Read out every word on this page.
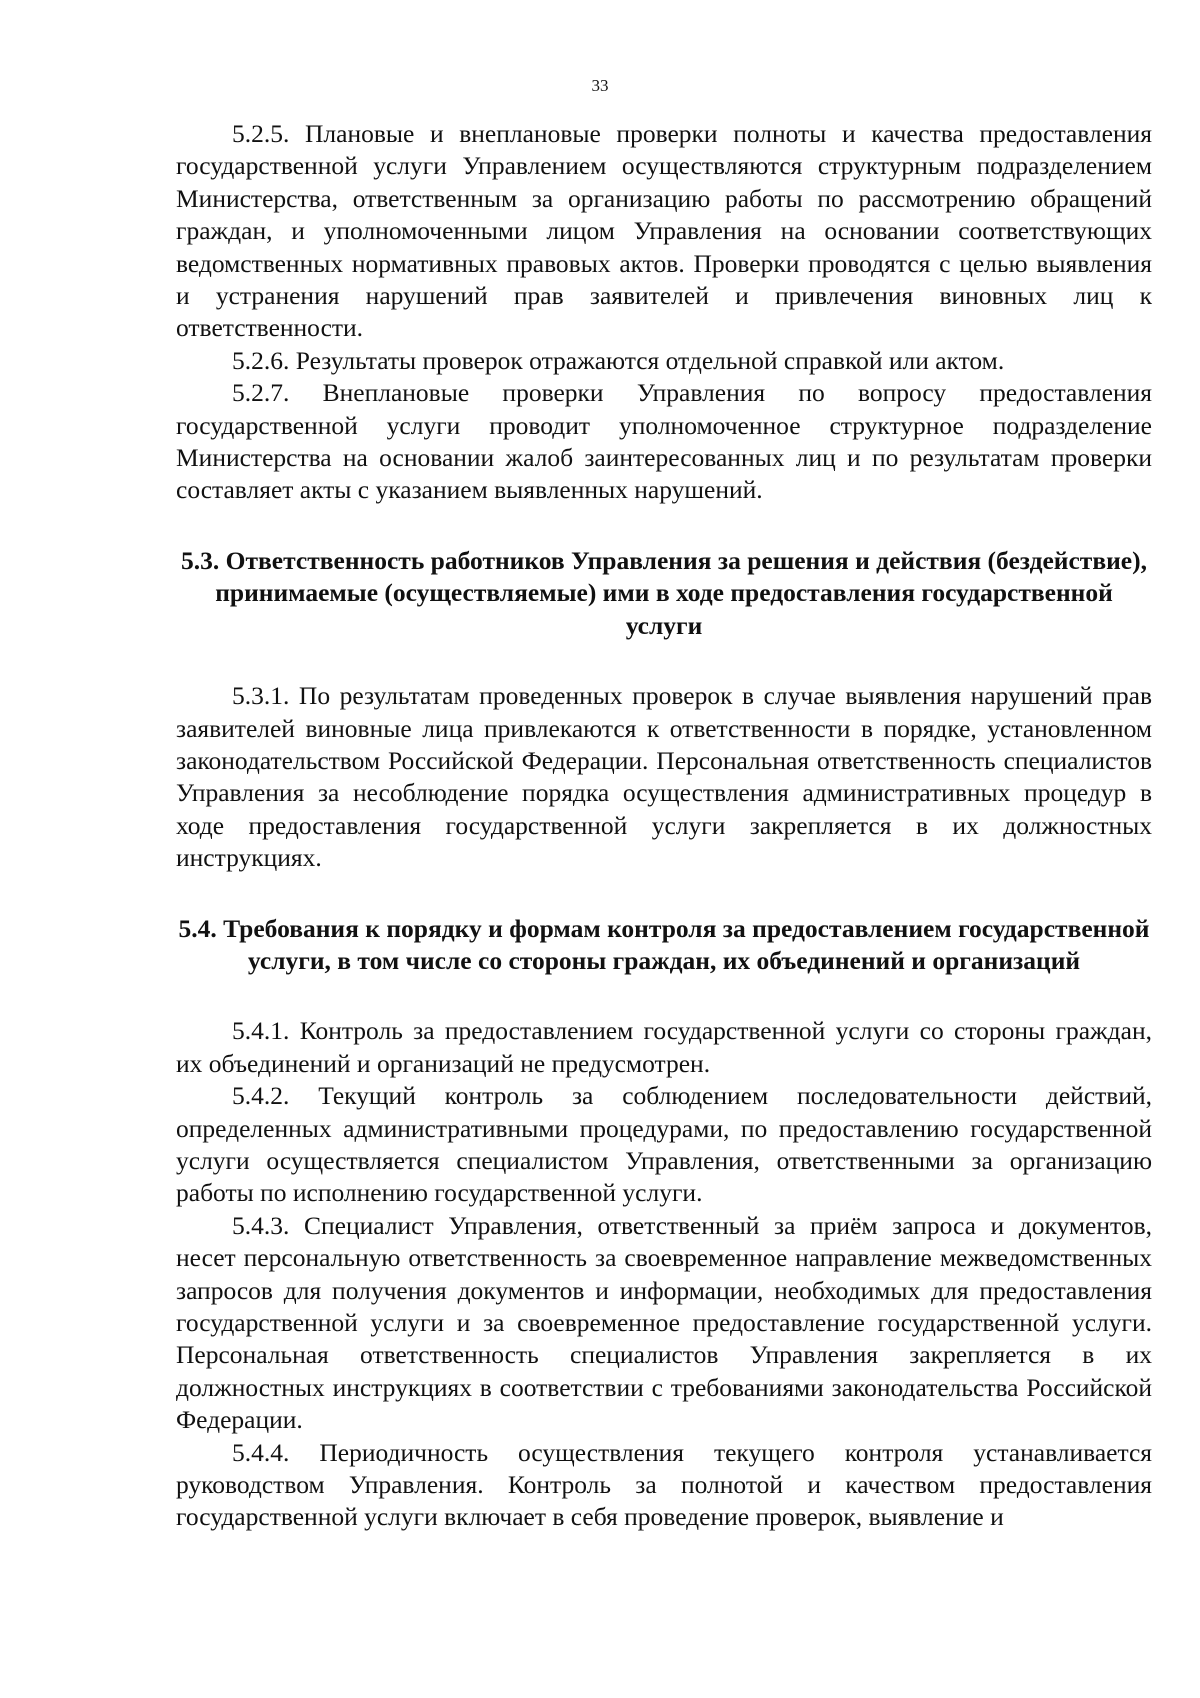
33

5.2.5. Плановые и внеплановые проверки полноты и качества предоставления государственной услуги Управлением осуществляются структурным подразделением Министерства, ответственным за организацию работы по рассмотрению обращений граждан, и уполномоченными лицом Управления на основании соответствующих ведомственных нормативных правовых актов. Проверки проводятся с целью выявления и устранения нарушений прав заявителей и привлечения виновных лиц к ответственности.

5.2.6. Результаты проверок отражаются отдельной справкой или актом.

5.2.7. Внеплановые проверки Управления по вопросу предоставления государственной услуги проводит уполномоченное структурное подразделение Министерства на основании жалоб заинтересованных лиц и по результатам проверки составляет акты с указанием выявленных нарушений.

5.3. Ответственность работников Управления за решения и действия (бездействие), принимаемые (осуществляемые) ими в ходе предоставления государственной услуги

5.3.1. По результатам проведенных проверок в случае выявления нарушений прав заявителей виновные лица привлекаются к ответственности в порядке, установленном законодательством Российской Федерации. Персональная ответственность специалистов Управления за несоблюдение порядка осуществления административных процедур в ходе предоставления государственной услуги закрепляется в их должностных инструкциях.

5.4. Требования к порядку и формам контроля за предоставлением государственной услуги, в том числе со стороны граждан, их объединений и организаций

5.4.1. Контроль за предоставлением государственной услуги со стороны граждан, их объединений и организаций не предусмотрен.

5.4.2. Текущий контроль за соблюдением последовательности действий, определенных административными процедурами, по предоставлению государственной услуги осуществляется специалистом Управления, ответственными за организацию работы по исполнению государственной услуги.

5.4.3. Специалист Управления, ответственный за приём запроса и документов, несет персональную ответственность за своевременное направление межведомственных запросов для получения документов и информации, необходимых для предоставления государственной услуги и за своевременное предоставление государственной услуги. Персональная ответственность специалистов Управления закрепляется в их должностных инструкциях в соответствии с требованиями законодательства Российской Федерации.

5.4.4. Периодичность осуществления текущего контроля устанавливается руководством Управления. Контроль за полнотой и качеством предоставления государственной услуги включает в себя проведение проверок, выявление и
